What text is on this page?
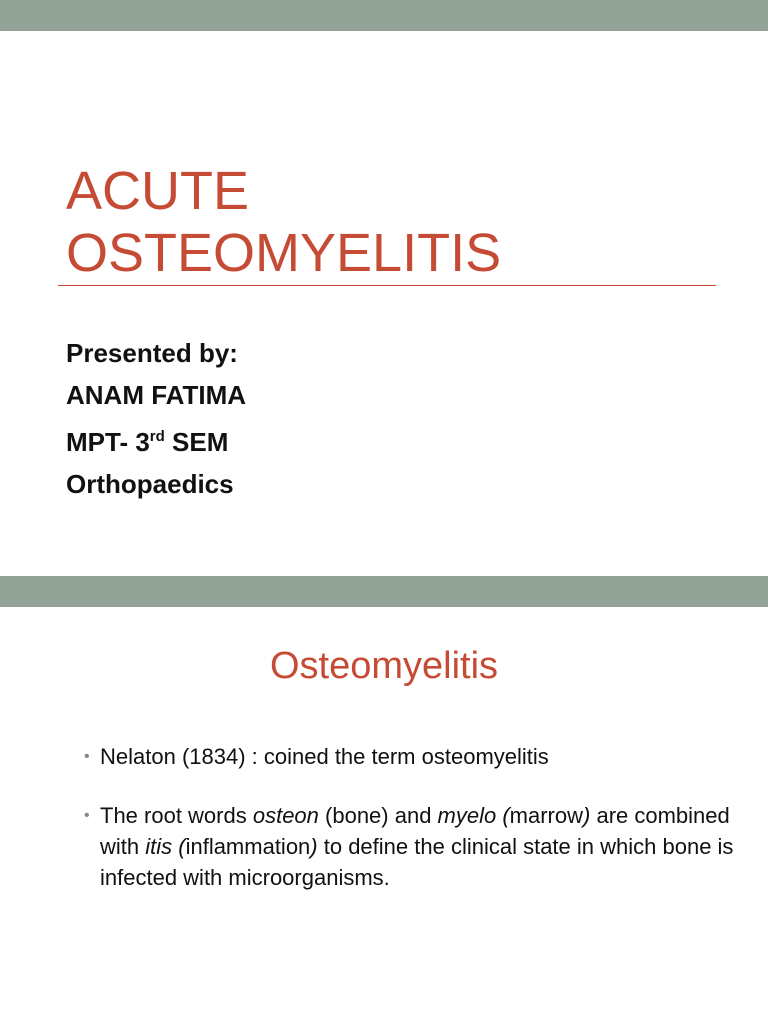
ACUTE
OSTEOMYELITIS
Presented by:
ANAM FATIMA
MPT- 3rd SEM
Orthopaedics
Osteomyelitis
• Nelaton (1834) : coined the term osteomyelitis
• The root words osteon (bone) and myelo (marrow) are combined with itis (inflammation) to define the clinical state in which bone is infected with microorganisms.
